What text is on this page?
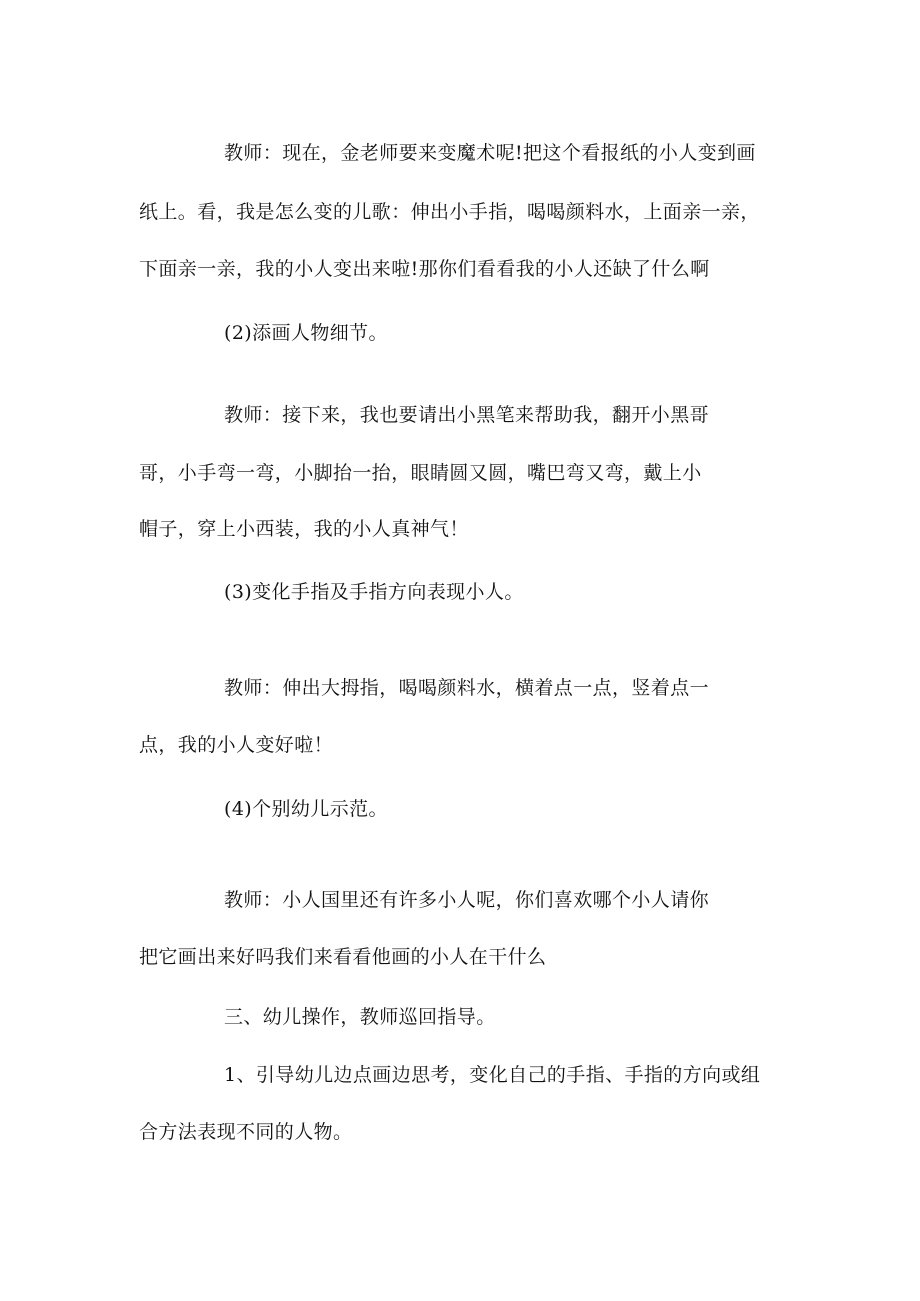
教师：现在，金老师要来变魔术呢!把这个看报纸的小人变到画
纸上。看，我是怎么变的儿歌：伸出小手指，喝喝颜料水，上面亲一亲，
下面亲一亲，我的小人变出来啦!那你们看看我的小人还缺了什么啊
(2)添画人物细节。
教师：接下来，我也要请出小黑笔来帮助我，翻开小黑哥
哥，小手弯一弯，小脚抬一抬，眼睛圆又圆，嘴巴弯又弯，戴上小
帽子，穿上小西装，我的小人真神气！
(3)变化手指及手指方向表现小人。
教师：伸出大拇指，喝喝颜料水，横着点一点，竖着点一
点，我的小人变好啦！
(4)个别幼儿示范。
教师：小人国里还有许多小人呢，你们喜欢哪个小人请你
把它画出来好吗我们来看看他画的小人在干什么
三、幼儿操作，教师巡回指导。
1、引导幼儿边点画边思考，变化自己的手指、手指的方向或组
合方法表现不同的人物。
